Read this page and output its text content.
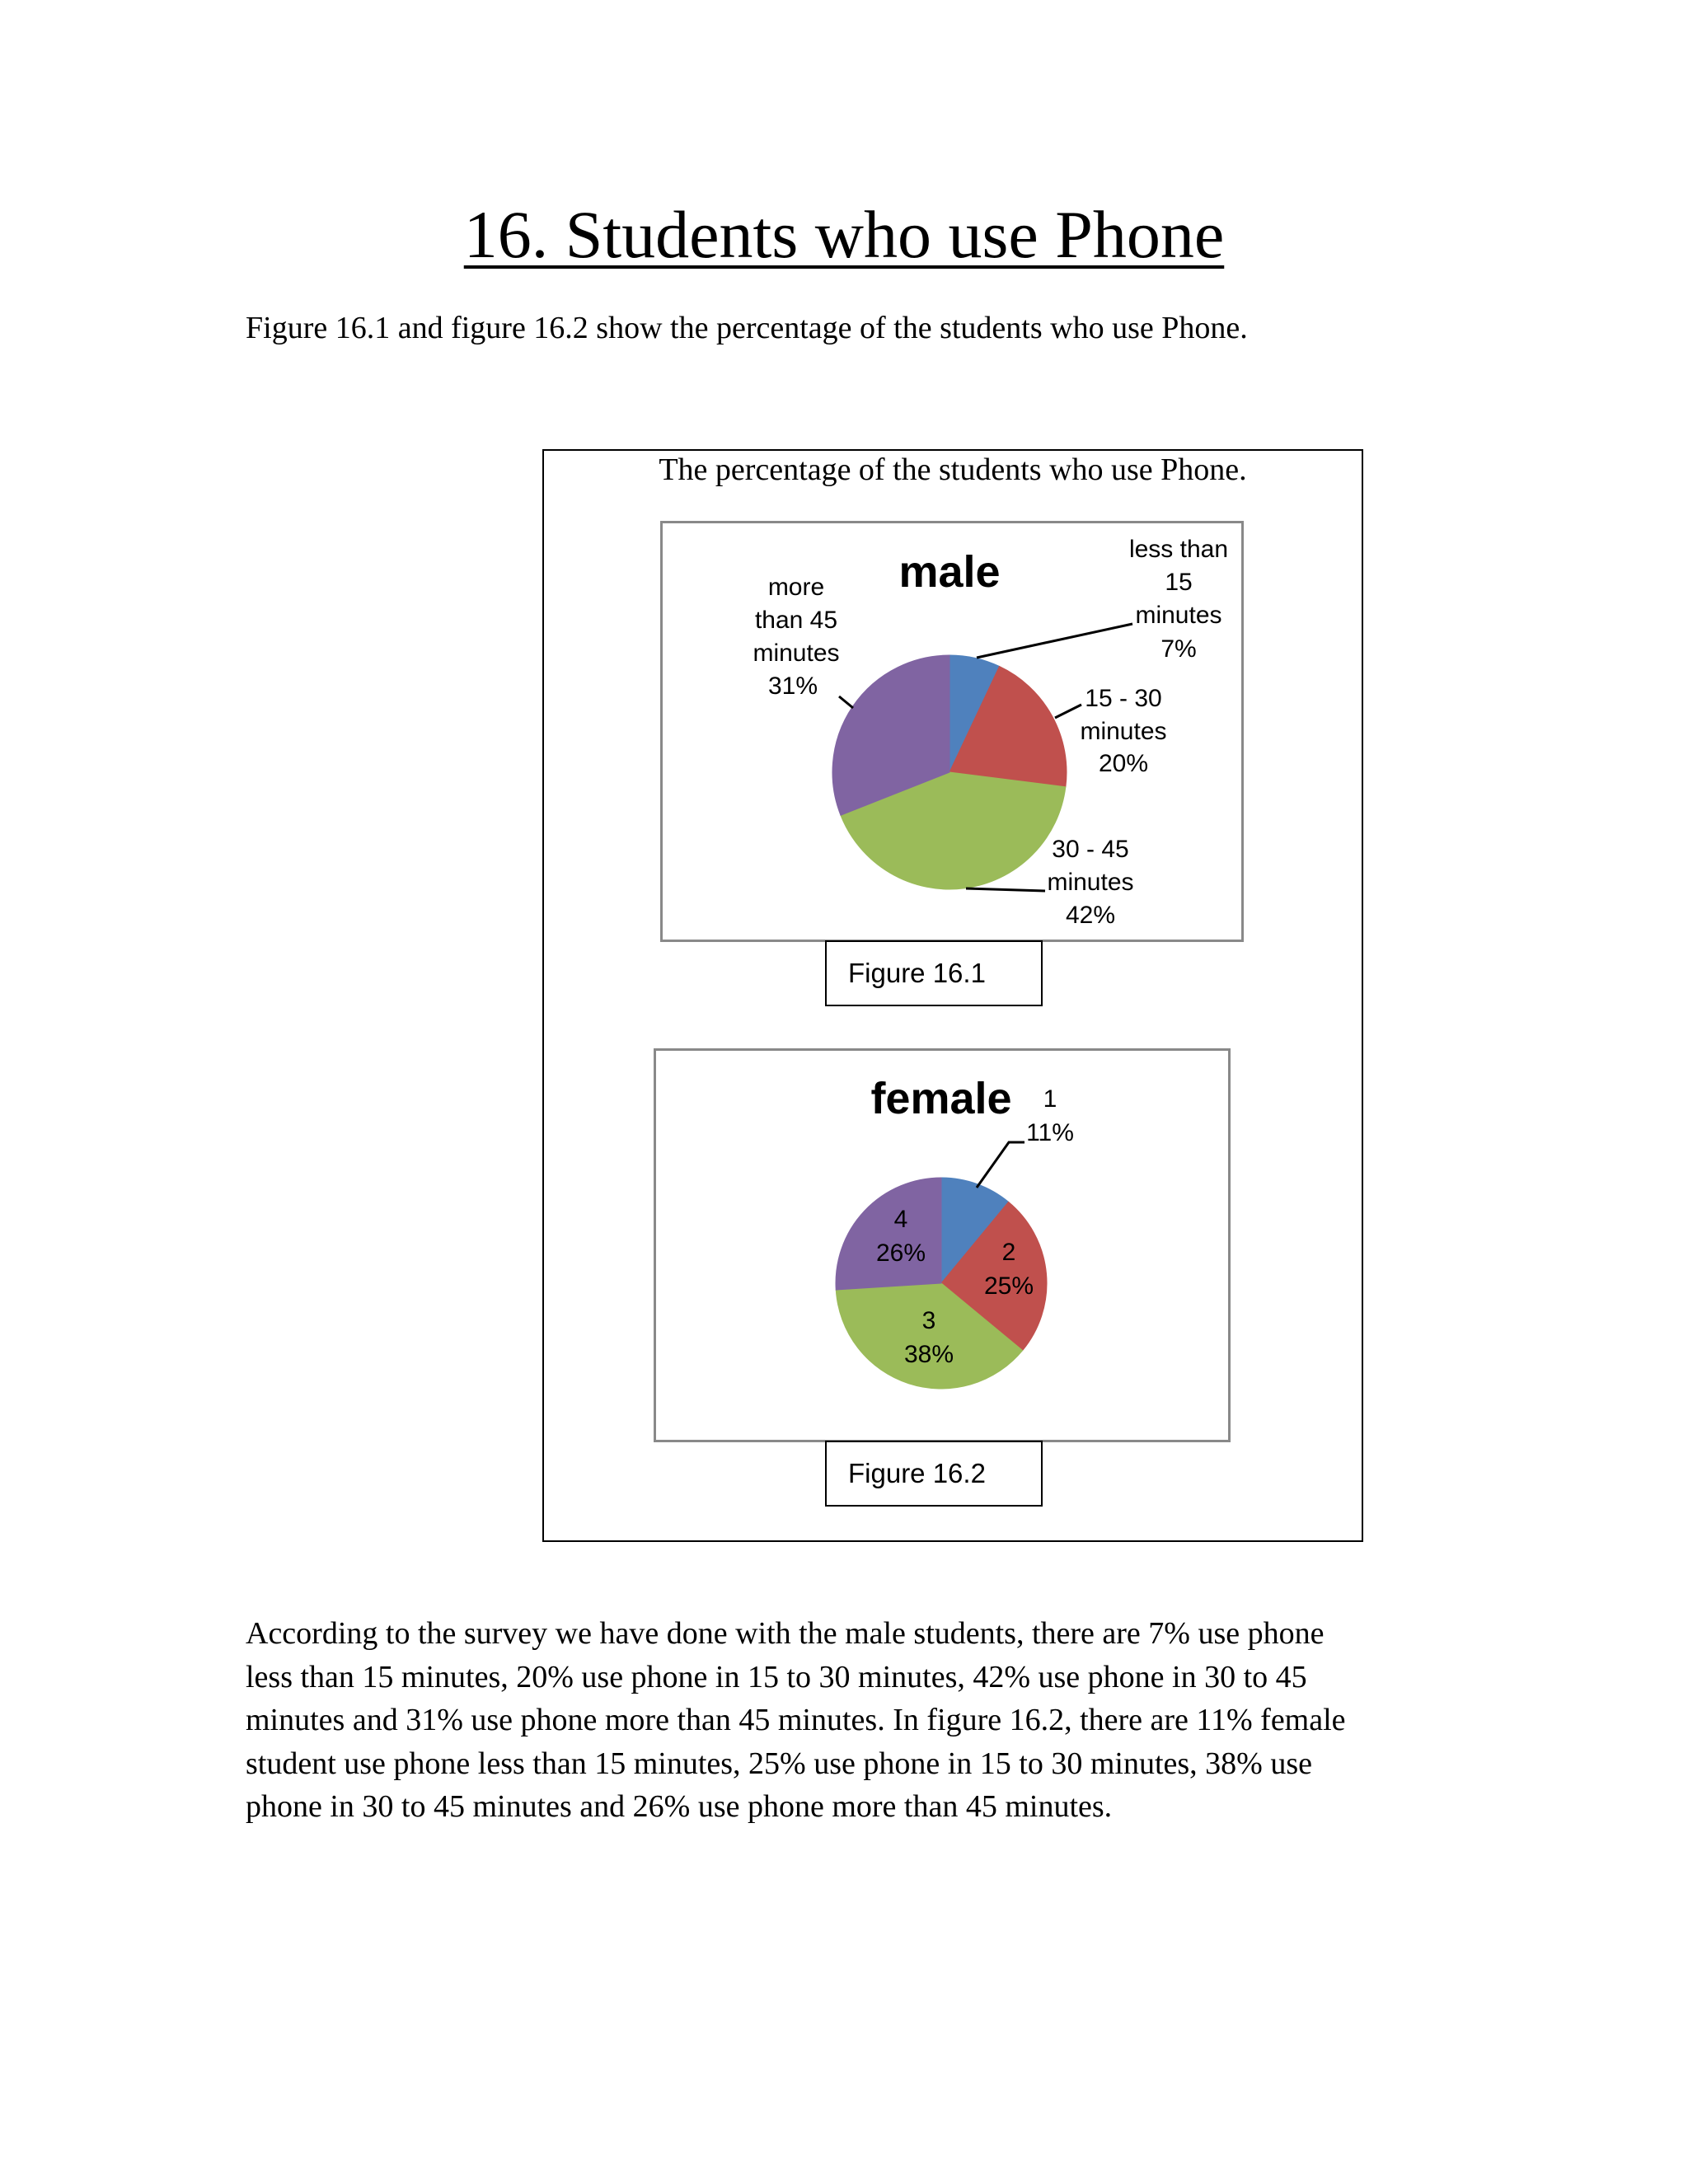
16. Students who use Phone
Figure 16.1 and figure 16.2 show the percentage of the students who use Phone.
The percentage of the students who use Phone.
Figure 16.1
Figure 16.2
male	less than 15 minutes
7%
15 - 30 minutes
20%
30 - 45 minutes
42%
more than 45 minutes
31%
female 1
11%
2
25%
3
38%
4
26%
According to the survey we have done with the male students, there are 7% use phone
less than 15 minutes, 20% use phone in 15 to 30 minutes, 42% use phone in 30 to 45
minutes and 31% use phone more than 45 minutes. In figure 16.2, there are 11% female
student use phone less than 15 minutes, 25% use phone in 15 to 30 minutes, 38% use
phone in 30 to 45 minutes and 26% use phone more than 45 minutes.
